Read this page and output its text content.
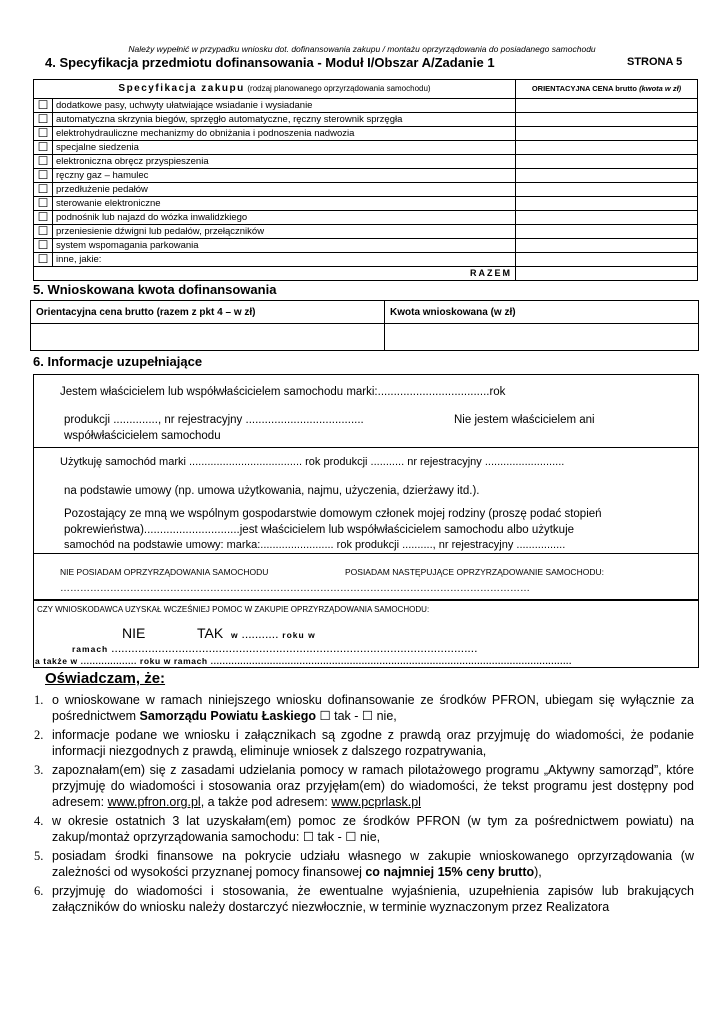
Należy wypełnić w przypadku wniosku dot. dofinansowania zakupu / montażu oprzyrządowania do posiadanego samochodu
4. Specyfikacja przedmiotu dofinansowania - Moduł I/Obszar A/Zadanie 1	STRONA 5
Specyfikacja zakupu (rodzaj planowanego oprzyrządowania samochodu)		ORIENTACYJNA CENA brutto (kwota w zł)
☐	dodatkowe pasy, uchwyty ułatwiające wsiadanie i wysiadanie	
☐	automatyczna skrzynia biegów, sprzęgło automatyczne, ręczny sterownik sprzęgła	
☐	elektrohydrauliczne mechanizmy do obniżania i podnoszenia nadwozia	
☐	specjalne siedzenia	
☐	elektroniczna obręcz przyspieszenia	
☐	ręczny gaz – hamulec	
☐	przedłużenie pedałów	
☐	sterowanie elektroniczne	
☐	podnośnik lub najazd do wózka inwalidzkiego	
☐	przeniesienie dźwigni lub pedałów, przełączników	
☐	system wspomagania parkowania	
☐	inne, jakie:	
RAZEM		
5. Wnioskowana kwota dofinansowania
Orientacyjna cena brutto (razem z pkt 4 – w zł)	Kwota wnioskowana (w zł)

6. Informacje uzupełniające
Jestem właścicielem lub współwłaścicielem samochodu marki:...................................rok
produkcji .............., nr rejestracyjny .....................................	Nie jestem właścicielem ani
współwłaścicielem samochodu
Użytkuję samochód marki ..................................... rok produkcji ........... nr rejestracyjny ..........................
na podstawie umowy (np. umowa użytkowania, najmu, użyczenia, dzierżawy itd.).
Pozostający ze mną we wspólnym gospodarstwie domowym członek mojej rodziny (proszę podać stopień
pokrewieństwa)..............................jest właścicielem lub współwłaścicielem samochodu albo użytkuje
samochód na podstawie umowy: marka:........................ rok produkcji .........., nr rejestracyjny ................
NIE POSIADAM OPRZYRZĄDOWANIA SAMOCHODU	POSIADAM NASTĘPUJĄCE OPRZYRZĄDOWANIE SAMOCHODU:
……………………………………………………………………………………………………………………………
CZY WNIOSKODAWCA UZYSKAŁ WCZEŚNIEJ POMOC W ZAKUPIE OPRZYRZĄDOWANIA SAMOCHODU:
NIE	TAK w ........... roku w
ramach .............................................................................................................
a także w ................... roku w ramach ..........................................................................................................................
Oświadczam, że:
1. o wnioskowane w ramach niniejszego wniosku dofinansowanie ze środków PFRON, ubiegam się wyłącznie za pośrednictwem Samorządu Powiatu Łaskiego ☐ tak - ☐ nie,
2. informacje podane we wniosku i załącznikach są zgodne z prawdą oraz przyjmuję do wiadomości, że podanie informacji niezgodnych z prawdą, eliminuje wniosek z dalszego rozpatrywania,
3. zapoznałam(em) się z zasadami udzielania pomocy w ramach pilotażowego programu „Aktywny samorząd”, które przyjmuję do wiadomości i stosowania oraz przyjęłam(em) do wiadomości, że tekst programu jest dostępny pod adresem: www.pfron.org.pl, a także pod adresem: www.pcprlask.pl
4. w okresie ostatnich 3 lat uzyskałam(em) pomoc ze środków PFRON (w tym za pośrednictwem powiatu) na zakup/montaż oprzyrządowania samochodu: ☐ tak - ☐ nie,
5. posiadam środki finansowe na pokrycie udziału własnego w zakupie wnioskowanego oprzyrządowania (w zależności od wysokości przyznanej pomocy finansowej co najmniej 15% ceny brutto),
6. przyjmuję do wiadomości i stosowania, że ewentualne wyjaśnienia, uzupełnienia zapisów lub brakujących załączników do wniosku należy dostarczyć niezwłocznie, w terminie wyznaczonym przez Realizatora
